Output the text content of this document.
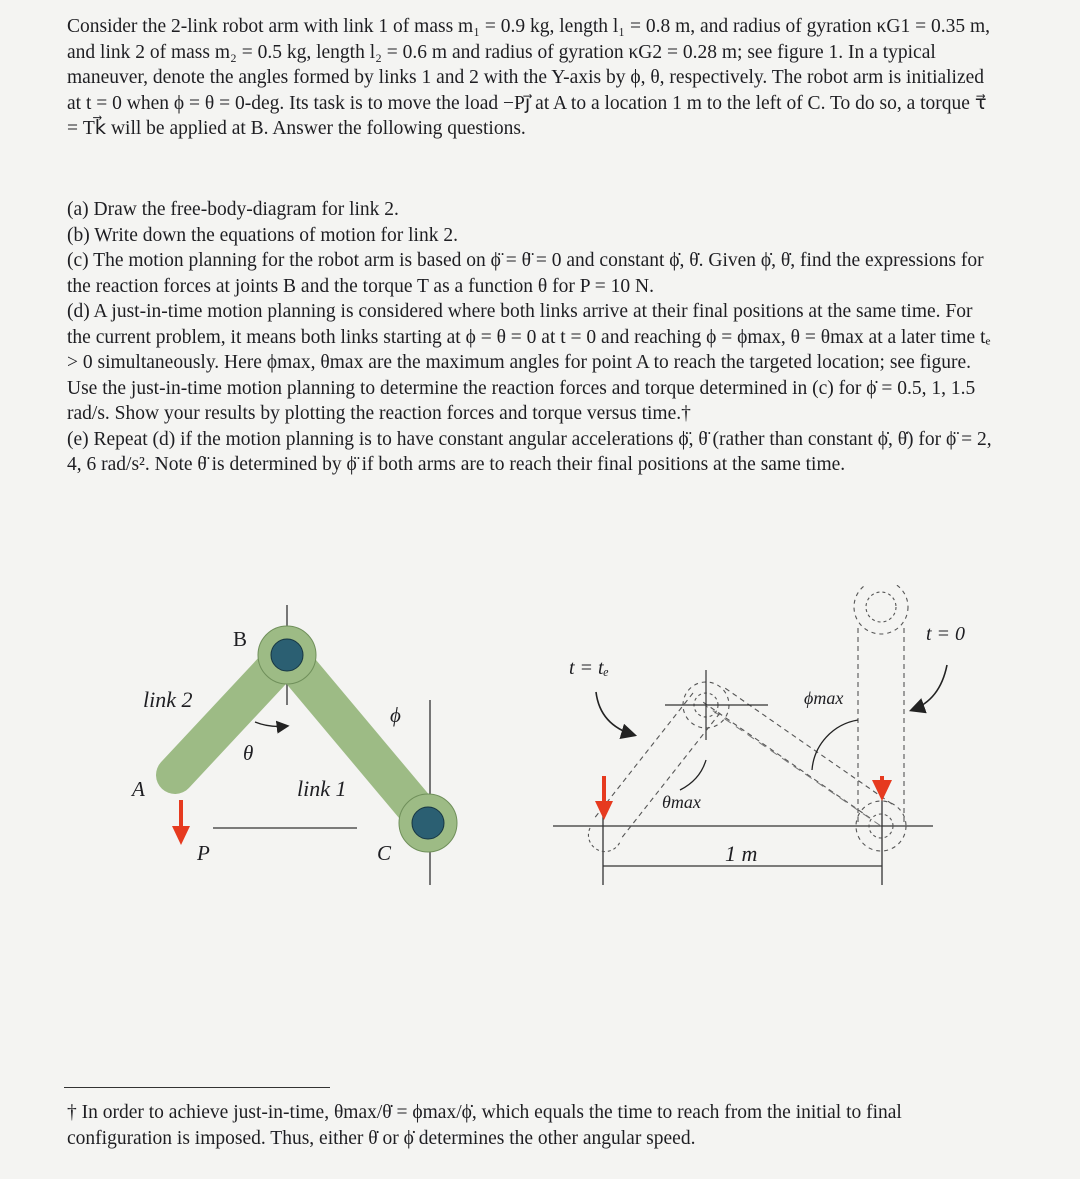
Consider the 2-link robot arm with link 1 of mass m₁ = 0.9 kg, length l₁ = 0.8 m, and radius of gyration κG1 = 0.35 m, and link 2 of mass m₂ = 0.5 kg, length l₂ = 0.6 m and radius of gyration κG2 = 0.28 m; see figure 1. In a typical maneuver, denote the angles formed by links 1 and 2 with the Y-axis by ϕ, θ, respectively. The robot arm is initialized at t = 0 when ϕ = θ = 0-deg. Its task is to move the load −Pj⃗ at A to a location 1 m to the left of C. To do so, a torque τ⃗ = Tk⃗ will be applied at B. Answer the following questions.

(a) Draw the free-body-diagram for link 2.

(b) Write down the equations of motion for link 2.

(c) The motion planning for the robot arm is based on ϕ̈ = θ̈ = 0 and constant ϕ̇, θ̇. Given ϕ̇, θ̇, find the expressions for the reaction forces at joints B and the torque T as a function θ for P = 10 N.

(d) A just-in-time motion planning is considered where both links arrive at their final positions at the same time. For the current problem, it means both links starting at ϕ = θ = 0 at t = 0 and reaching ϕ = ϕmax, θ = θmax at a later time tₑ > 0 simultaneously. Here ϕmax, θmax are the maximum angles for point A to reach the targeted location; see figure. Use the just-in-time motion planning to determine the reaction forces and torque determined in (c) for ϕ̇ = 0.5, 1, 1.5 rad/s. Show your results by plotting the reaction forces and torque versus time.†

(e) Repeat (d) if the motion planning is to have constant angular accelerations ϕ̈, θ̈ (rather than constant ϕ̇, θ̇) for ϕ̈ = 2, 4, 6 rad/s². Note θ̈ is determined by ϕ̈ if both arms are to reach their final positions at the same time.

B
link 2
θ
ϕ
A	link 1
P	C
t = 0
t = tₑ
ϕmax
θmax
1 m

† In order to achieve just-in-time, θmax/θ̇ = ϕmax/ϕ̇, which equals the time to reach from the initial to final configuration is imposed. Thus, either θ̇ or ϕ̇ determines the other angular speed.
